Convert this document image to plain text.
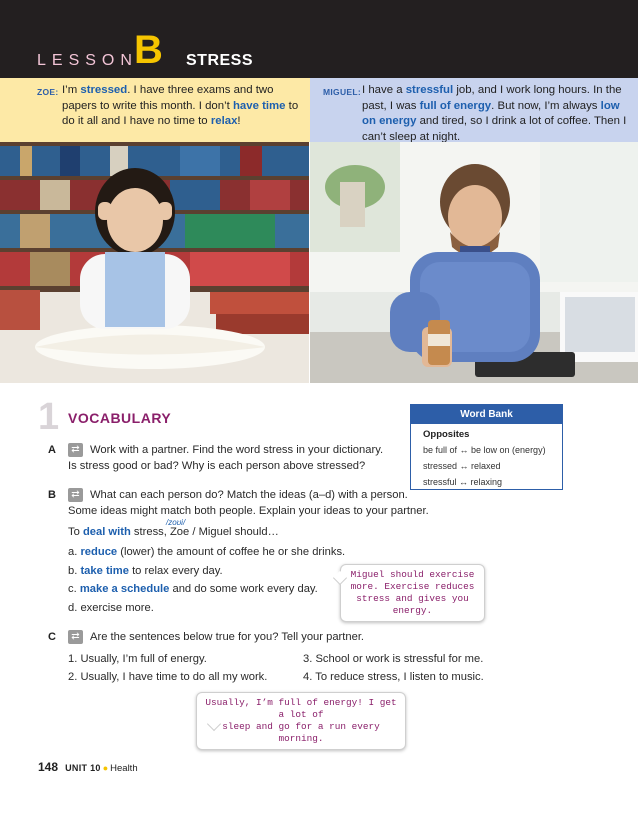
LESSON
B STRESS
ZOE: I’m stressed. I have three exams and two papers to write this month. I don’t have time to do it all and I have no time to relax!
MIGUEL: I have a stressful job, and I work long hours. In the past, I was full of energy. But now, I’m always low on energy and tired, so I drink a lot of coffee. Then I can’t sleep at night.
1 VOCABULARY	Word Bank
Opposites
be full of ↔ be low on (energy)
stressed ↔ relaxed
stressful ↔ relaxing
A	⇄ Work with a partner. Find the word stress in your dictionary.
Is stress good or bad? Why is each person above stressed?
B	⇄ What can each person do? Match the ideas (a–d) with a person.
Some ideas might match both people. Explain your ideas to your partner.
/zoʊi/
To deal with stress, Zoe / Miguel should…
a. reduce (lower) the amount of coffee he or she drinks.
b. take time to relax every day.
c. make a schedule and do some work every day.
d. exercise more.
Miguel should exercise
more. Exercise reduces
stress and gives you energy.
C	⇄ Are the sentences below true for you? Tell your partner.
1. Usually, I’m full of energy.
2. Usually, I have time to do all my work.
3. School or work is stressful for me.
4. To reduce stress, I listen to music.
Usually, I’m full of energy! I get a lot of
sleep and go for a run every morning.
148 UNIT 10 ● Health
